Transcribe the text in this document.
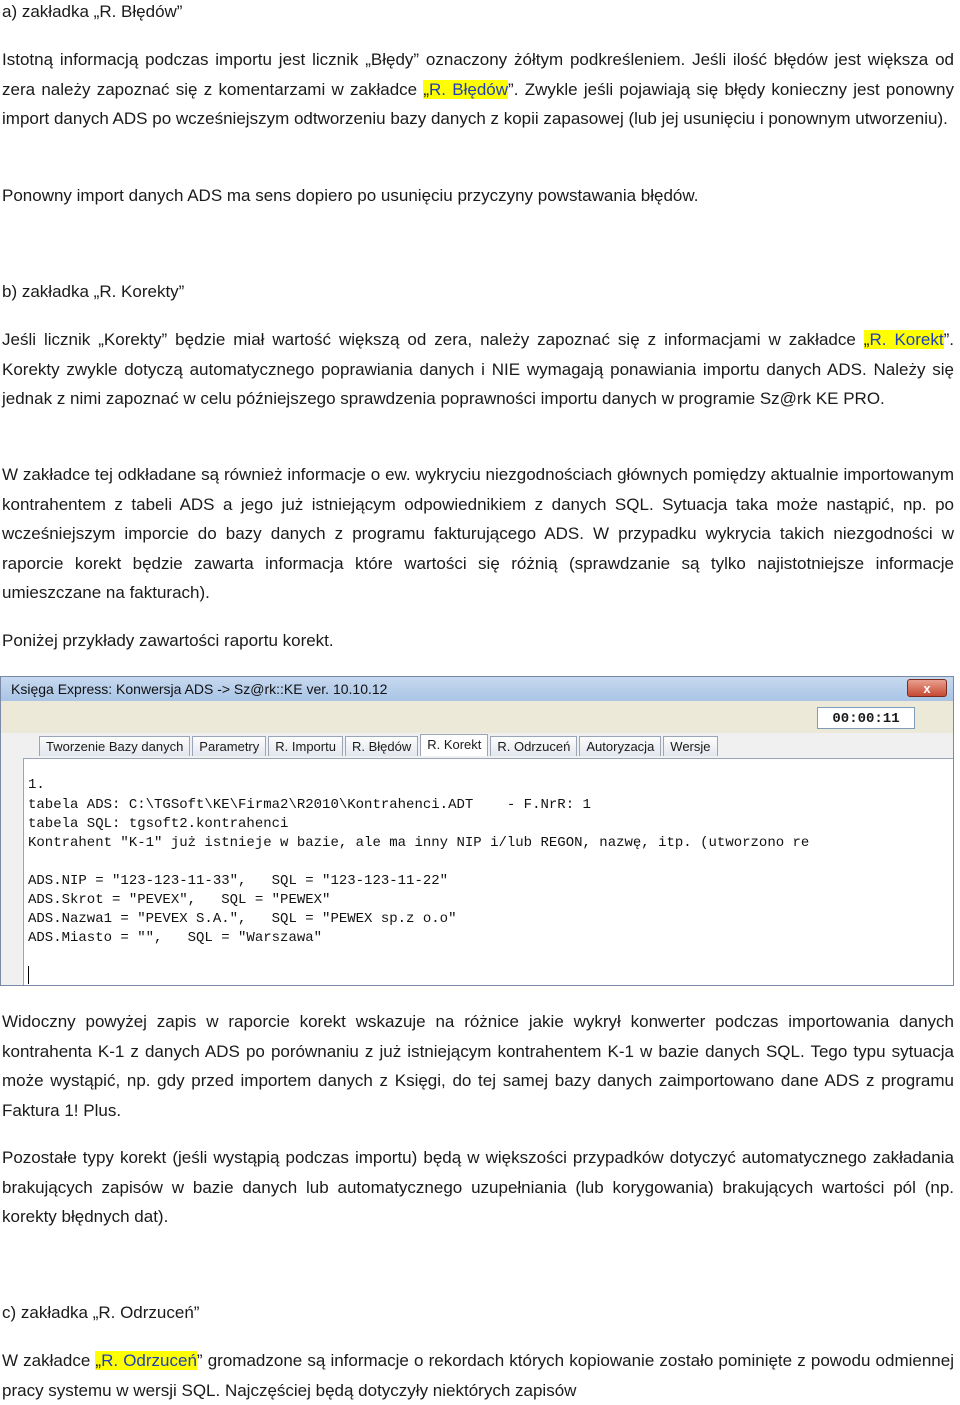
a) zakładka „R. Błędów”

Istotną informacją podczas importu jest licznik „Błędy” oznaczony żółtym podkreśleniem. Jeśli ilość błędów jest większa od zera należy zapoznać się z komentarzami w zakładce „R. Błędów”. Zwykle jeśli pojawiają się błędy konieczny jest ponowny import danych ADS po wcześniejszym odtworzeniu bazy danych z kopii zapasowej (lub jej usunięciu i ponownym utworzeniu).

Ponowny import danych ADS ma sens dopiero po usunięciu przyczyny powstawania błędów.

b) zakładka „R. Korekty”

Jeśli licznik „Korekty” będzie miał wartość większą od zera, należy zapoznać się z informacjami w zakładce „R. Korekt”. Korekty zwykle dotyczą automatycznego poprawiania danych i NIE wymagają ponawiania importu danych ADS. Należy się jednak z nimi zapoznać w celu późniejszego sprawdzenia poprawności importu danych w programie Sz@rk KE PRO.

W zakładce tej odkładane są również informacje o ew. wykryciu niezgodnościach głównych pomiędzy aktualnie importowanym kontrahentem z tabeli ADS a jego już istniejącym odpowiednikiem z danych SQL. Sytuacja taka może nastąpić, np. po wcześniejszym imporcie do bazy danych z programu fakturującego ADS. W przypadku wykrycia takich niezgodności w raporcie korekt będzie zawarta informacja które wartości się różnią (sprawdzanie są tylko najistotniejsze informacje umieszczane na fakturach).

Poniżej przykłady zawartości raportu korekt.

Widoczny powyżej zapis w raporcie korekt wskazuje na różnice jakie wykrył konwerter podczas importowania danych kontrahenta K-1 z danych ADS po porównaniu z już istniejącym kontrahentem K-1 w bazie danych SQL. Tego typu sytuacja może wystąpić, np. gdy przed importem danych z Księgi, do tej samej bazy danych zaimportowano dane ADS z programu Faktura 1! Plus.

Pozostałe typy korekt (jeśli wystąpią podczas importu) będą w większości przypadków dotyczyć automatycznego zakładania brakujących zapisów w bazie danych lub automatycznego uzupełniania (lub korygowania) brakujących wartości pól (np. korekty błędnych dat).

c) zakładka „R. Odrzuceń”

W zakładce „R. Odrzuceń” gromadzone są informacje o rekordach których kopiowanie zostało pominięte z powodu odmiennej pracy systemu w wersji SQL. Najczęściej będą dotyczyły niektórych zapisów

Księga Express: Konwersja ADS -> Sz@rk::KE ver. 10.10.12	x
00:00:11
Tworzenie Bazy danych	Parametry	R. Importu	R. Błędów	R. Korekt	R. Odrzuceń	Autoryzacja	Wersje
1.
tabela ADS: C:\TGSoft\KE\Firma2\R2010\Kontrahenci.ADT    - F.NrR: 1
tabela SQL: tgsoft2.kontrahenci
Kontrahent "K-1" już istnieje w bazie, ale ma inny NIP i/lub REGON, nazwę, itp. (utworzono re
ADS.NIP = "123-123-11-33",   SQL = "123-123-11-22"
ADS.Skrot = "PEVEX",   SQL = "PEWEX"
ADS.Nazwa1 = "PEVEX S.A.",   SQL = "PEWEX sp.z o.o"
ADS.Miasto = "",   SQL = "Warszawa"
